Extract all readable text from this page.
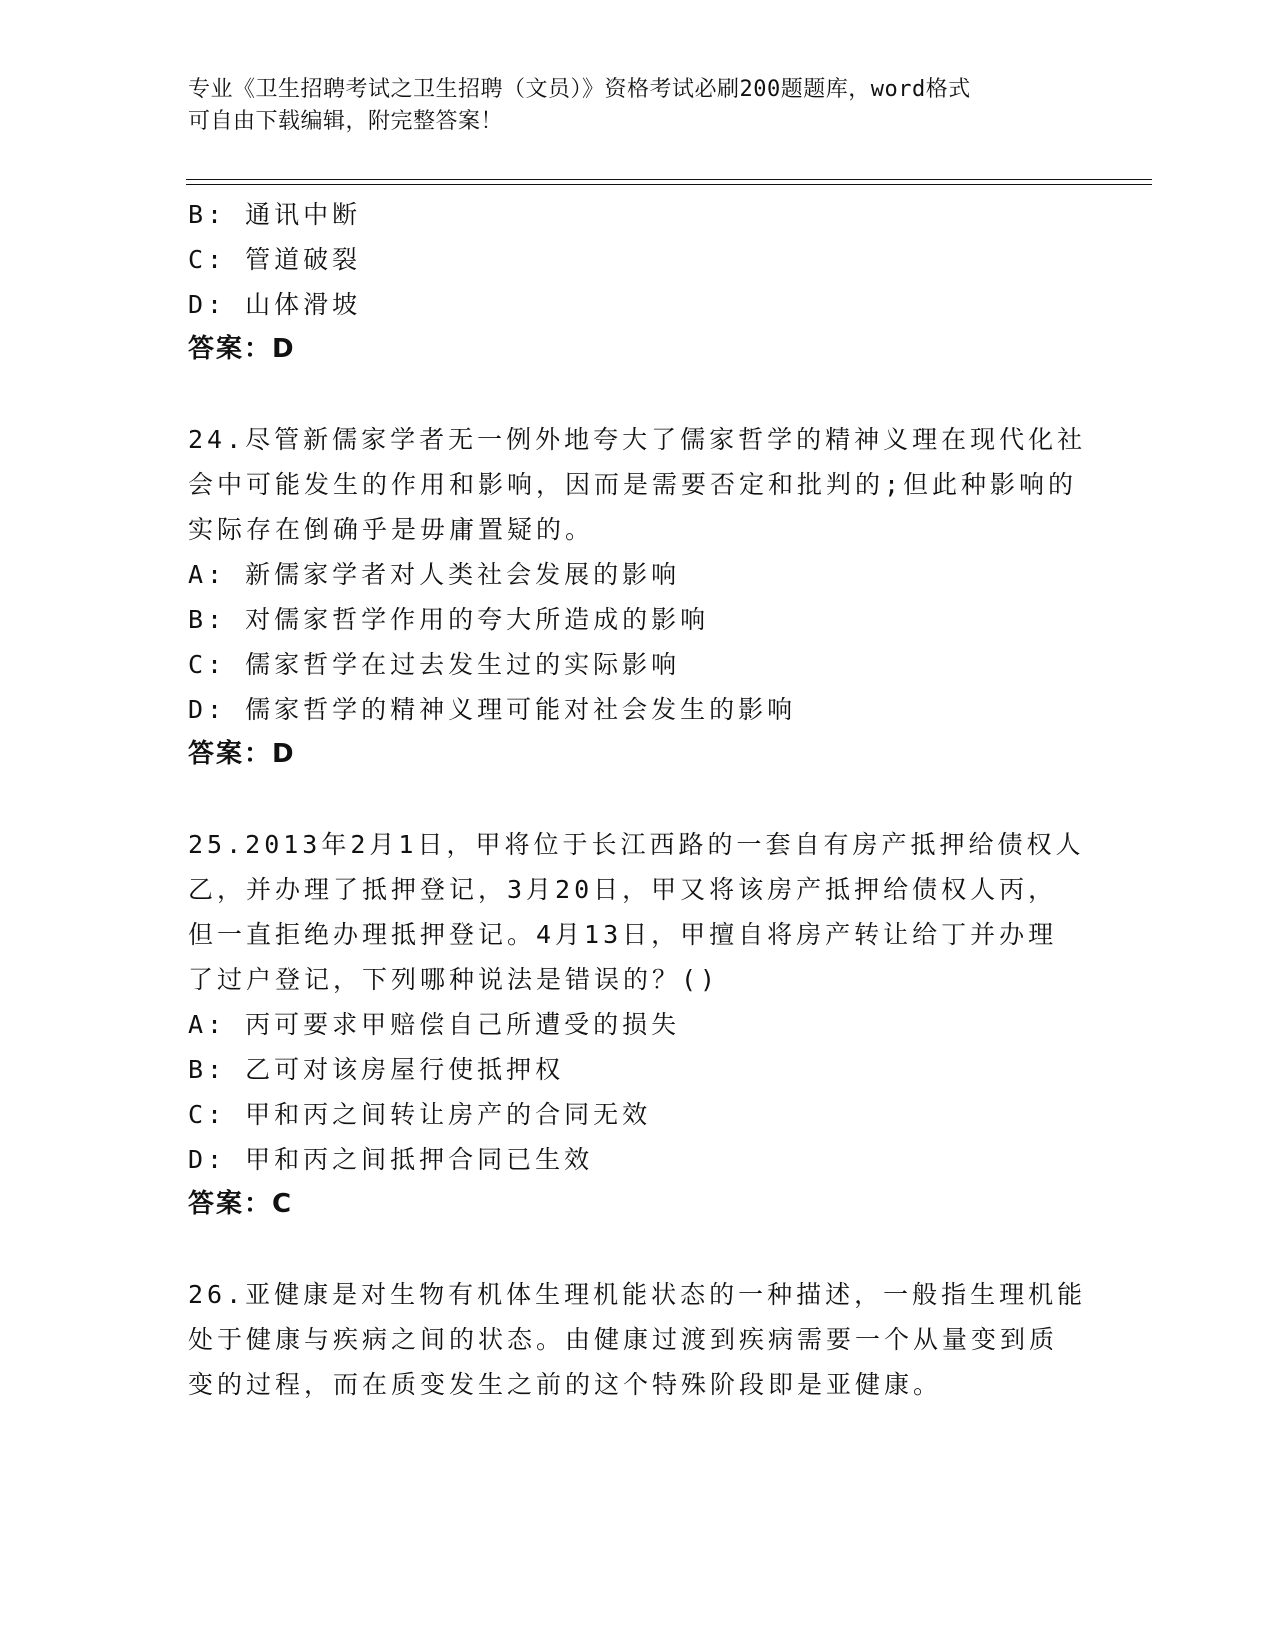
专业《卫生招聘考试之卫生招聘（文员）》资格考试必刷200题题库，word格式
可自由下载编辑，附完整答案！
B: 通讯中断
C: 管道破裂
D: 山体滑坡
答案：D
24.尽管新儒家学者无一例外地夸大了儒家哲学的精神义理在现代化社
会中可能发生的作用和影响，因而是需要否定和批判的;但此种影响的
实际存在倒确乎是毋庸置疑的。
A: 新儒家学者对人类社会发展的影响
B: 对儒家哲学作用的夸大所造成的影响
C: 儒家哲学在过去发生过的实际影响
D: 儒家哲学的精神义理可能对社会发生的影响
答案：D
25.2013年2月1日，甲将位于长江西路的一套自有房产抵押给债权人
乙，并办理了抵押登记，3月20日，甲又将该房产抵押给债权人丙，
但一直拒绝办理抵押登记。4月13日，甲擅自将房产转让给丁并办理
了过户登记，下列哪种说法是错误的？()
A: 丙可要求甲赔偿自己所遭受的损失
B: 乙可对该房屋行使抵押权
C: 甲和丙之间转让房产的合同无效
D: 甲和丙之间抵押合同已生效
答案：C
26.亚健康是对生物有机体生理机能状态的一种描述，一般指生理机能
处于健康与疾病之间的状态。由健康过渡到疾病需要一个从量变到质
变的过程，而在质变发生之前的这个特殊阶段即是亚健康。
